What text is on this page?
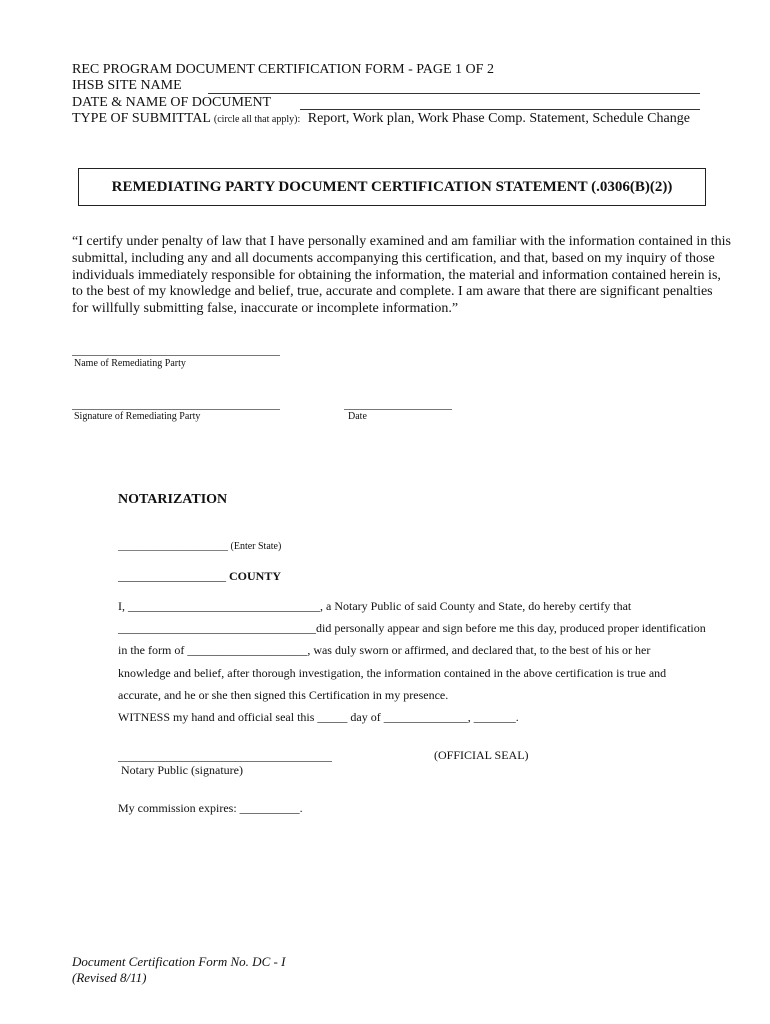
REC PROGRAM DOCUMENT CERTIFICATION FORM - PAGE 1 OF 2
IHSB SITE NAME
DATE & NAME OF DOCUMENT
TYPE OF SUBMITTAL (circle all that apply): Report, Work plan, Work Phase Comp. Statement, Schedule Change
REMEDIATING PARTY DOCUMENT CERTIFICATION STATEMENT (.0306(B)(2))
“I certify under penalty of law that I have personally examined and am familiar with the information contained in this submittal, including any and all documents accompanying this certification, and that, based on my inquiry of those individuals immediately responsible for obtaining the information, the material and information contained herein is, to the best of my knowledge and belief, true, accurate and complete. I am aware that there are significant penalties for willfully submitting false, inaccurate or incomplete information.”
Name of Remediating Party
Signature of Remediating Party	Date
NOTARIZATION
______________________ (Enter State)
__________________ COUNTY
I, ________________________________, a Notary Public of said County and State, do hereby certify that
_________________________________did personally appear and sign before me this day, produced proper identification
in the form of ____________________, was duly sworn or affirmed, and declared that, to the best of his or her
knowledge and belief, after thorough investigation, the information contained in the above certification is true and
accurate, and he or she then signed this Certification in my presence.
WITNESS my hand and official seal this _____ day of ______________, _______.
(OFFICIAL SEAL)
Notary Public (signature)
My commission expires: __________.
Document Certification Form No. DC - I
(Revised 8/11)
